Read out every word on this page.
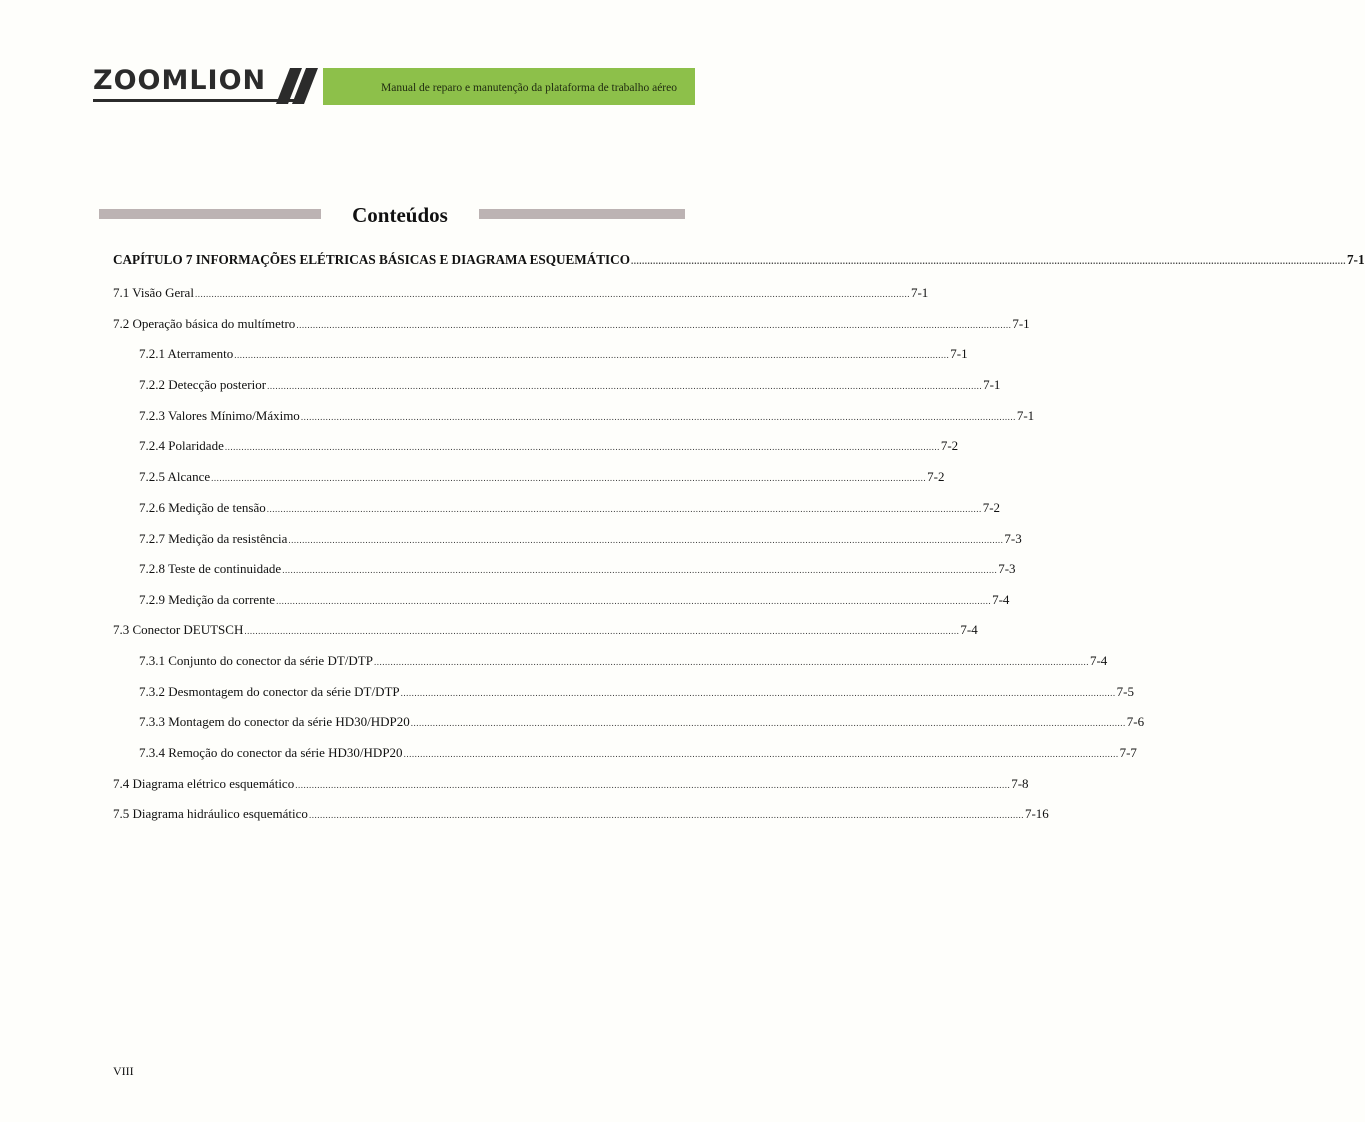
ZOOMLION	Manual de reparo e manutenção da plataforma de trabalho aéreo
Conteúdos
CAPÍTULO 7 INFORMAÇÕES ELÉTRICAS BÁSICAS E DIAGRAMA ESQUEMÁTICO .................................................................................................................................................................................................................................................................... 7-1
7.1 Visão Geral .................................................................................................................................................................................................................................................................... 7-1
7.2 Operação básica do multímetro .................................................................................................................................................................................................................................................................... 7-1
7.2.1 Aterramento .................................................................................................................................................................................................................................................................... 7-1
7.2.2 Detecção posterior .................................................................................................................................................................................................................................................................... 7-1
7.2.3 Valores Mínimo/Máximo .................................................................................................................................................................................................................................................................... 7-1
7.2.4 Polaridade .................................................................................................................................................................................................................................................................... 7-2
7.2.5 Alcance .................................................................................................................................................................................................................................................................... 7-2
7.2.6 Medição de tensão .................................................................................................................................................................................................................................................................... 7-2
7.2.7 Medição da resistência .................................................................................................................................................................................................................................................................... 7-3
7.2.8 Teste de continuidade .................................................................................................................................................................................................................................................................... 7-3
7.2.9 Medição da corrente .................................................................................................................................................................................................................................................................... 7-4
7.3 Conector DEUTSCH .................................................................................................................................................................................................................................................................... 7-4
7.3.1 Conjunto do conector da série DT/DTP .................................................................................................................................................................................................................................................................... 7-4
7.3.2 Desmontagem do conector da série DT/DTP .................................................................................................................................................................................................................................................................... 7-5
7.3.3 Montagem do conector da série HD30/HDP20 .................................................................................................................................................................................................................................................................... 7-6
7.3.4 Remoção do conector da série HD30/HDP20 .................................................................................................................................................................................................................................................................... 7-7
7.4 Diagrama elétrico esquemático .................................................................................................................................................................................................................................................................... 7-8
7.5 Diagrama hidráulico esquemático .................................................................................................................................................................................................................................................................... 7-16
VIII
